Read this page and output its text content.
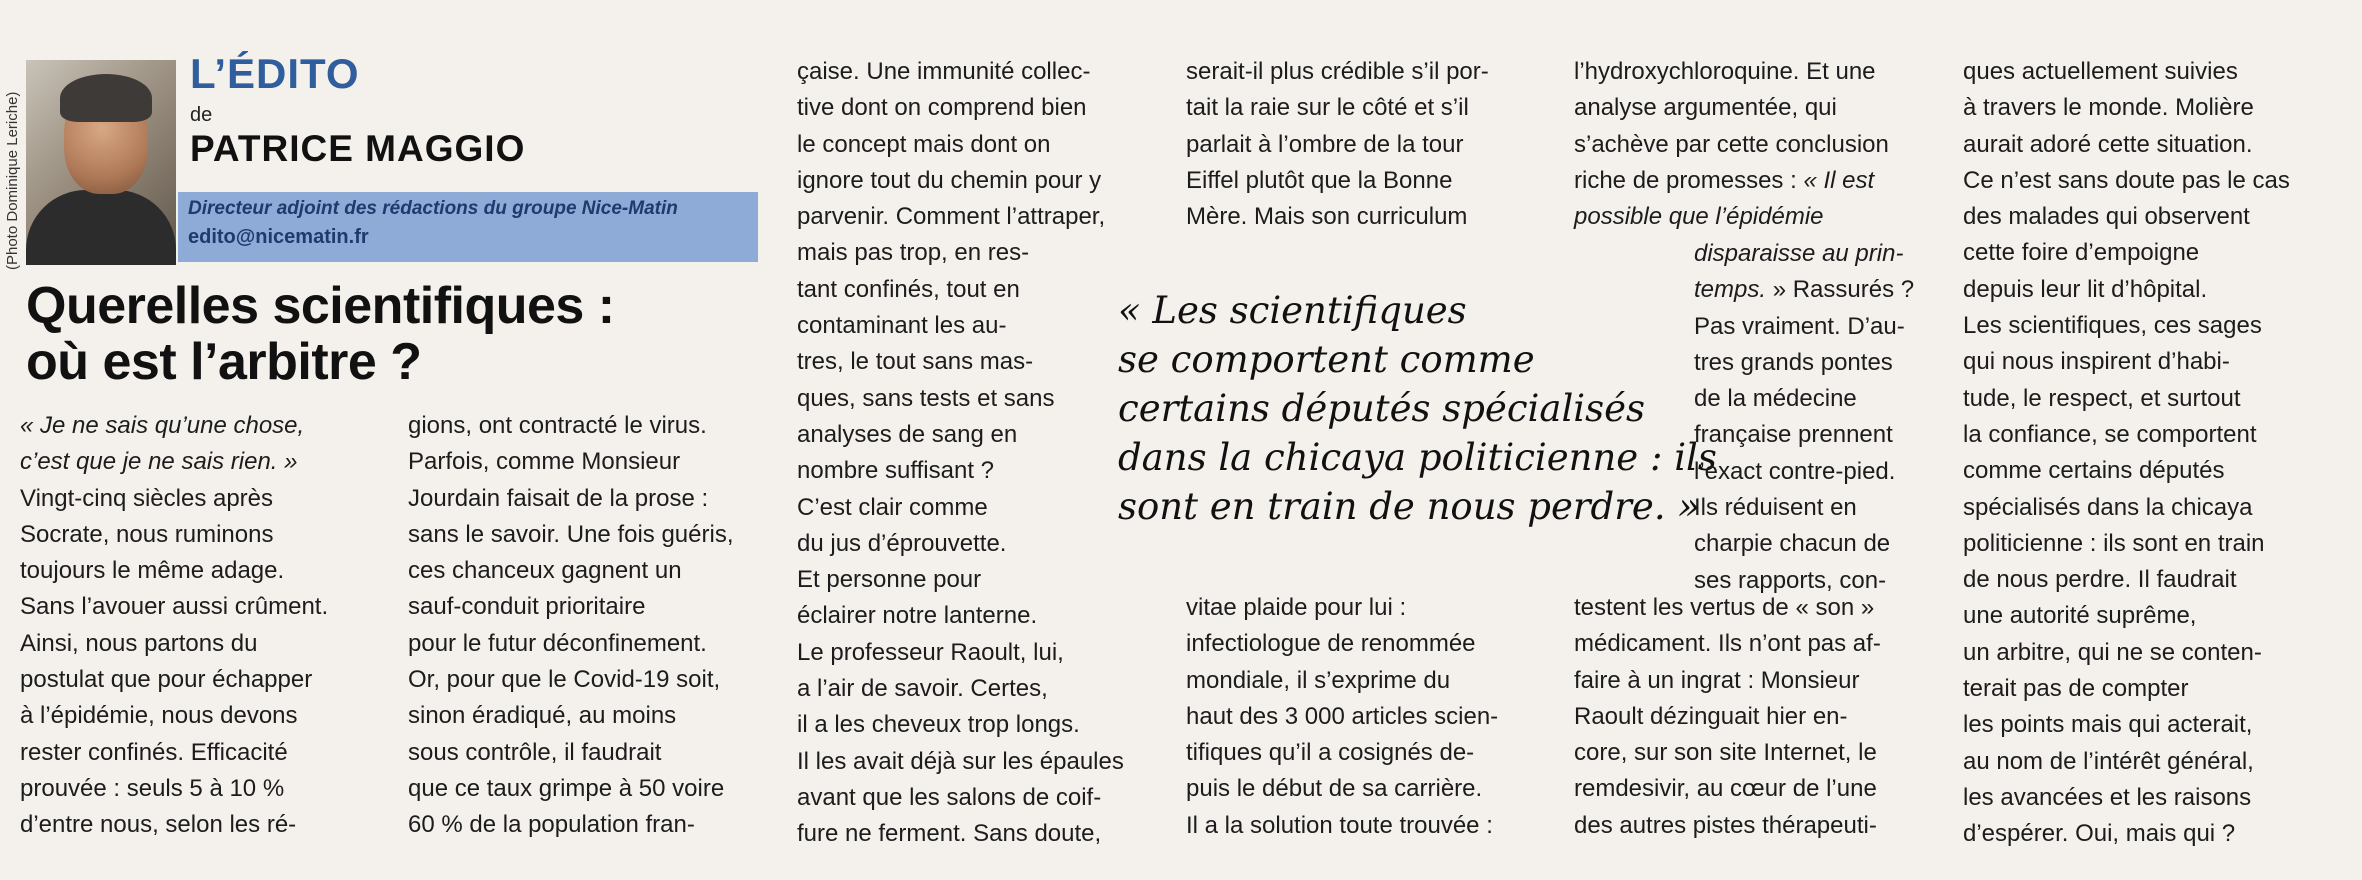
(Photo Dominique Leriche)
L’ÉDITO
de
PATRICE MAGGIO
Directeur adjoint des rédactions du groupe Nice-Matin
edito@nicematin.fr
Querelles scientifiques :
où est l’arbitre ?
« Je ne sais qu’une chose,
c’est que je ne sais rien. »
Vingt-cinq siècles après
Socrate, nous ruminons
toujours le même adage.
Sans l’avouer aussi crûment.
Ainsi, nous partons du
postulat que pour échapper
à l’épidémie, nous devons
rester confinés. Efficacité
prouvée : seuls 5 à 10 %
d’entre nous, selon les ré-
gions, ont contracté le virus.
Parfois, comme Monsieur
Jourdain faisait de la prose :
sans le savoir. Une fois guéris,
ces chanceux gagnent un
sauf-conduit prioritaire
pour le futur déconfinement.
Or, pour que le Covid-19 soit,
sinon éradiqué, au moins
sous contrôle, il faudrait
que ce taux grimpe à 50 voire
60 % de la population fran-
çaise. Une immunité collec-
tive dont on comprend bien
le concept mais dont on
ignore tout du chemin pour y
parvenir. Comment l’attraper,
mais pas trop, en res-
tant confinés, tout en
contaminant les au-
tres, le tout sans mas-
ques, sans tests et sans
analyses de sang en
nombre suffisant ?
C’est clair comme
du jus d’éprouvette.
Et personne pour
éclairer notre lanterne.
Le professeur Raoult, lui,
a l’air de savoir. Certes,
il a les cheveux trop longs.
Il les avait déjà sur les épaules
avant que les salons de coif-
fure ne ferment. Sans doute,
serait-il plus crédible s’il por-
tait la raie sur le côté et s’il
parlait à l’ombre de la tour
Eiffel plutôt que la Bonne
Mère. Mais son curriculum
vitae plaide pour lui :
infectiologue de renommée
mondiale, il s’exprime du
haut des 3 000 articles scien-
tifiques qu’il a cosignés de-
puis le début de sa carrière.
Il a la solution toute trouvée :
« Les scientifiques
se comportent comme
certains députés spécialisés
dans la chicaya politicienne : ils
sont en train de nous perdre. »
l’hydroxychloroquine. Et une
analyse argumentée, qui
s’achève par cette conclusion
riche de promesses : « Il est
possible que l’épidémie
disparaisse au prin-
temps. » Rassurés ?
Pas vraiment. D’au-
tres grands pontes
de la médecine
française prennent
l’exact contre-pied.
Ils réduisent en
charpie chacun de
ses rapports, con-
testent les vertus de « son »
médicament. Ils n’ont pas af-
faire à un ingrat : Monsieur
Raoult dézinguait hier en-
core, sur son site Internet, le
remdesivir, au cœur de l’une
des autres pistes thérapeuti-
ques actuellement suivies
à travers le monde. Molière
aurait adoré cette situation.
Ce n’est sans doute pas le cas
des malades qui observent
cette foire d’empoigne
depuis leur lit d’hôpital.
Les scientifiques, ces sages
qui nous inspirent d’habi-
tude, le respect, et surtout
la confiance, se comportent
comme certains députés
spécialisés dans la chicaya
politicienne : ils sont en train
de nous perdre. Il faudrait
une autorité suprême,
un arbitre, qui ne se conten-
terait pas de compter
les points mais qui acterait,
au nom de l’intérêt général,
les avancées et les raisons
d’espérer. Oui, mais qui ?
